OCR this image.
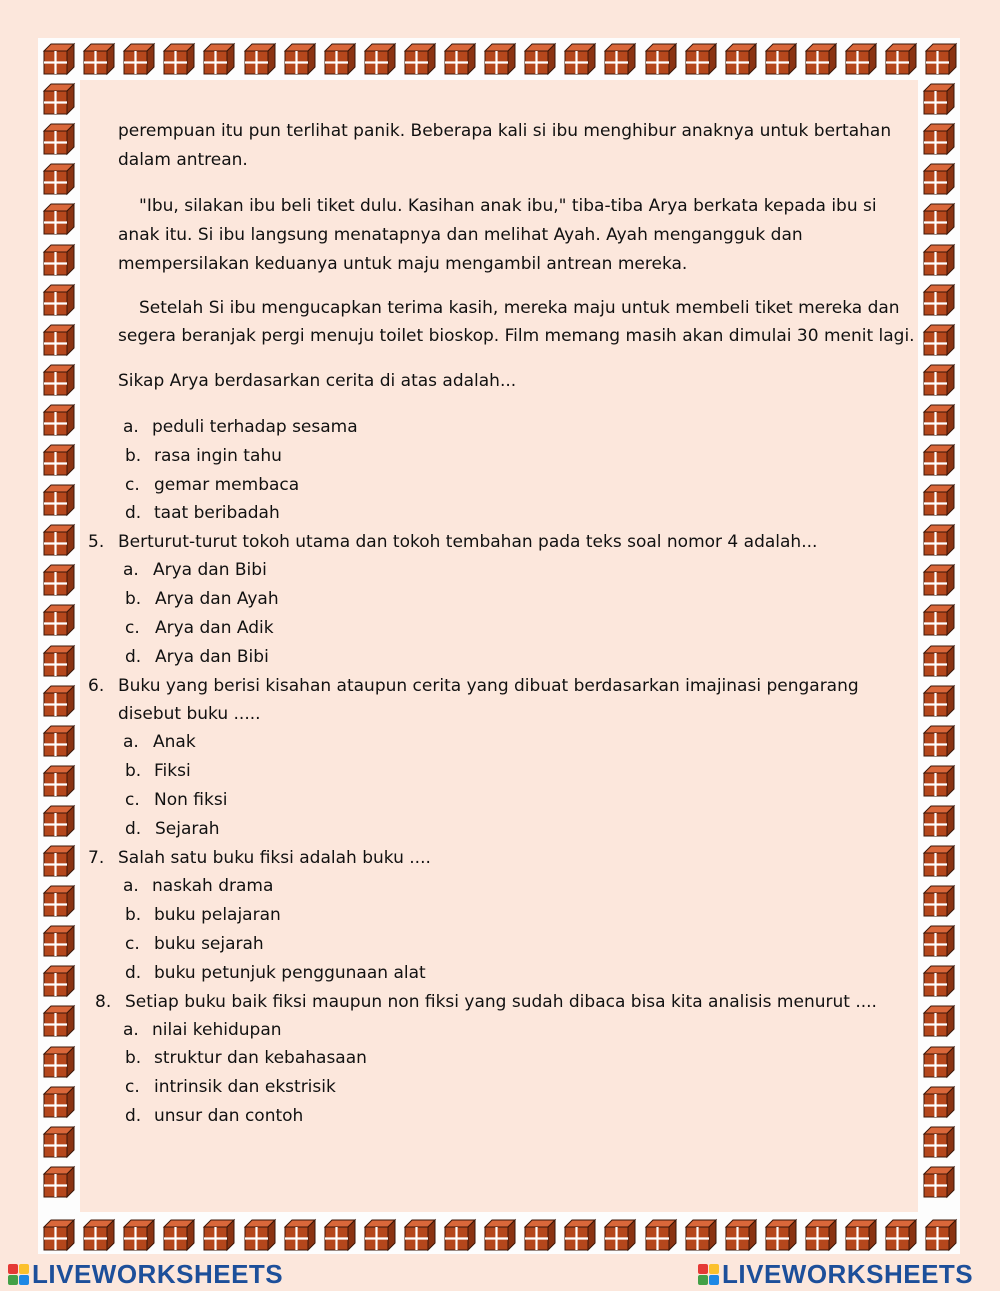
perempuan itu pun terlihat panik. Beberapa kali si ibu menghibur anaknya untuk bertahan

dalam antrean.

"Ibu, silakan ibu beli tiket dulu. Kasihan anak ibu," tiba-tiba Arya berkata kepada ibu si

anak itu. Si ibu langsung menatapnya dan melihat Ayah. Ayah mengangguk dan

mempersilakan keduanya untuk maju mengambil antrean mereka.

Setelah Si ibu mengucapkan terima kasih, mereka maju untuk membeli tiket mereka dan

segera beranjak pergi menuju toilet bioskop. Film memang masih akan dimulai 30 menit lagi.

Sikap Arya berdasarkan cerita di atas adalah...

a. peduli terhadap sesama
b. rasa ingin tahu
c. gemar membaca
d. taat beribadah
5. Berturut-turut tokoh utama dan tokoh tembahan pada teks soal nomor 4 adalah...
a. Arya dan Bibi
b. Arya dan Ayah
c. Arya dan Adik
d. Arya dan Bibi
6. Buku yang berisi kisahan ataupun cerita yang dibuat berdasarkan imajinasi pengarang
disebut buku .....
a. Anak
b. Fiksi
c. Non fiksi
d. Sejarah
7. Salah satu buku fiksi adalah buku ....
a. naskah drama
b. buku pelajaran
c. buku sejarah
d. buku petunjuk penggunaan alat
8. Setiap buku baik fiksi maupun non fiksi yang sudah dibaca bisa kita analisis menurut ....
a. nilai kehidupan
b. struktur dan kebahasaan
c. intrinsik dan ekstrisik
d. unsur dan contoh
LIVEWORKSHEETS	LIVEWORKSHEETS
